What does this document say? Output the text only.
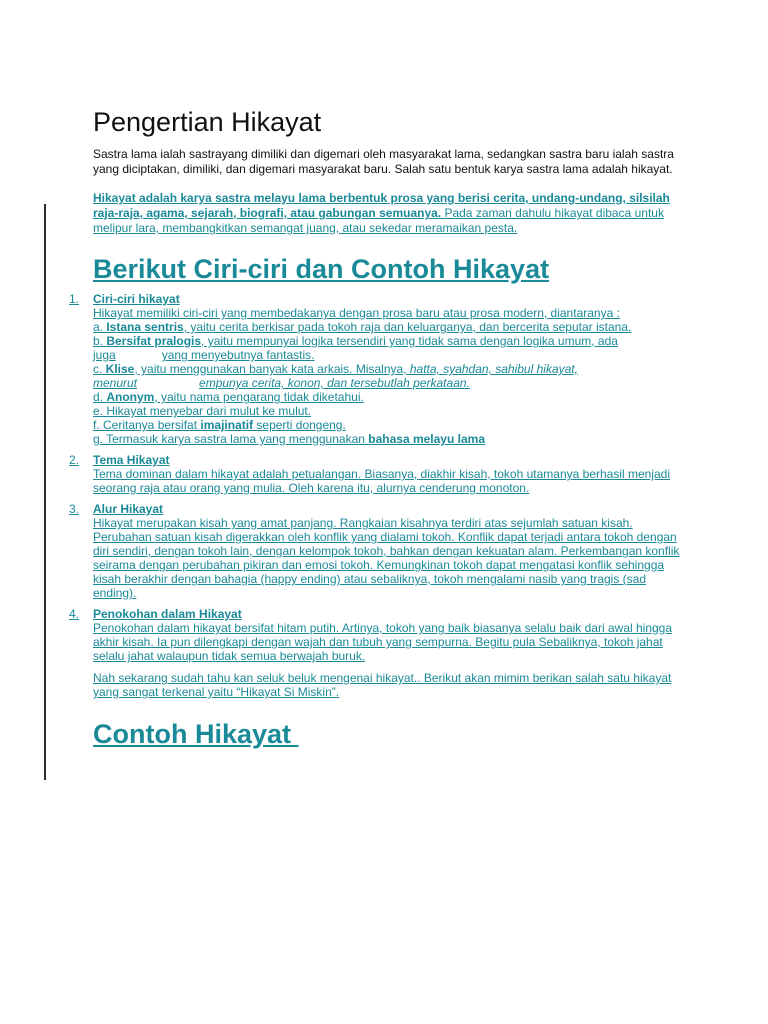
Pengertian Hikayat

Sastra lama ialah sastrayang dimiliki dan digemari oleh masyarakat lama, sedangkan sastra baru ialah sastra yang diciptakan, dimiliki, dan digemari masyarakat baru. Salah satu bentuk karya sastra lama adalah hikayat.

Hikayat adalah karya sastra melayu lama berbentuk prosa yang berisi cerita, undang-undang, silsilah raja-raja, agama, sejarah, biografi, atau gabungan semuanya. Pada zaman dahulu hikayat dibaca untuk melipur lara, membangkitkan semangat juang, atau sekedar meramaikan pesta.

Berikut Ciri-ciri dan Contoh Hikayat
1.	Ciri-ciri hikayat
Hikayat memiliki ciri-ciri yang membedakanya dengan prosa baru atau prosa modern, diantaranya :
a. Istana sentris, yaitu cerita berkisar pada tokoh raja dan keluarganya, dan bercerita seputar istana.
b. Bersifat pralogis, yaitu mempunyai logika tersendiri yang tidak sama dengan logika umum, ada
juga	yang menyebutnya fantastis.
c. Klise, yaitu menggunakan banyak kata arkais. Misalnya, hatta, syahdan, sahibul hikayat,
menurut	empunya cerita, konon, dan tersebutlah perkataan.
d. Anonym, yaitu nama pengarang tidak diketahui.
e. Hikayat menyebar dari mulut ke mulut.
f. Ceritanya bersifat imajinatif seperti dongeng.
g. Termasuk karya sastra lama yang menggunakan bahasa melayu lama
2.	Tema Hikayat
Tema dominan dalam hikayat adalah petualangan. Biasanya, diakhir kisah, tokoh utamanya berhasil menjadi seorang raja atau orang yang mulia. Oleh karena itu, alurnya cenderung monoton.
3.	Alur Hikayat
Hikayat merupakan kisah yang amat panjang. Rangkaian kisahnya terdiri atas sejumlah satuan kisah. Perubahan satuan kisah digerakkan oleh konflik yang dialami tokoh. Konflik dapat terjadi antara tokoh dengan diri sendiri, dengan tokoh lain, dengan kelompok tokoh, bahkan dengan kekuatan alam. Perkembangan konflik seirama dengan perubahan pikiran dan emosi tokoh. Kemungkinan tokoh dapat mengatasi konflik sehingga kisah berakhir dengan bahagia (happy ending) atau sebaliknya, tokoh mengalami nasib yang tragis (sad ending).
4.	Penokohan dalam Hikayat
Penokohan dalam hikayat bersifat hitam putih. Artinya, tokoh yang baik biasanya selalu baik dari awal hingga akhir kisah. Ia pun dilengkapi dengan wajah dan tubuh yang sempurna. Begitu pula Sebaliknya, tokoh jahat selalu jahat walaupun tidak semua berwajah buruk.

Nah sekarang sudah tahu kan seluk beluk mengenai hikayat.. Berikut akan mimim berikan salah satu hikayat yang sangat terkenal yaitu “Hikayat Si Miskin”.

Contoh Hikayat
